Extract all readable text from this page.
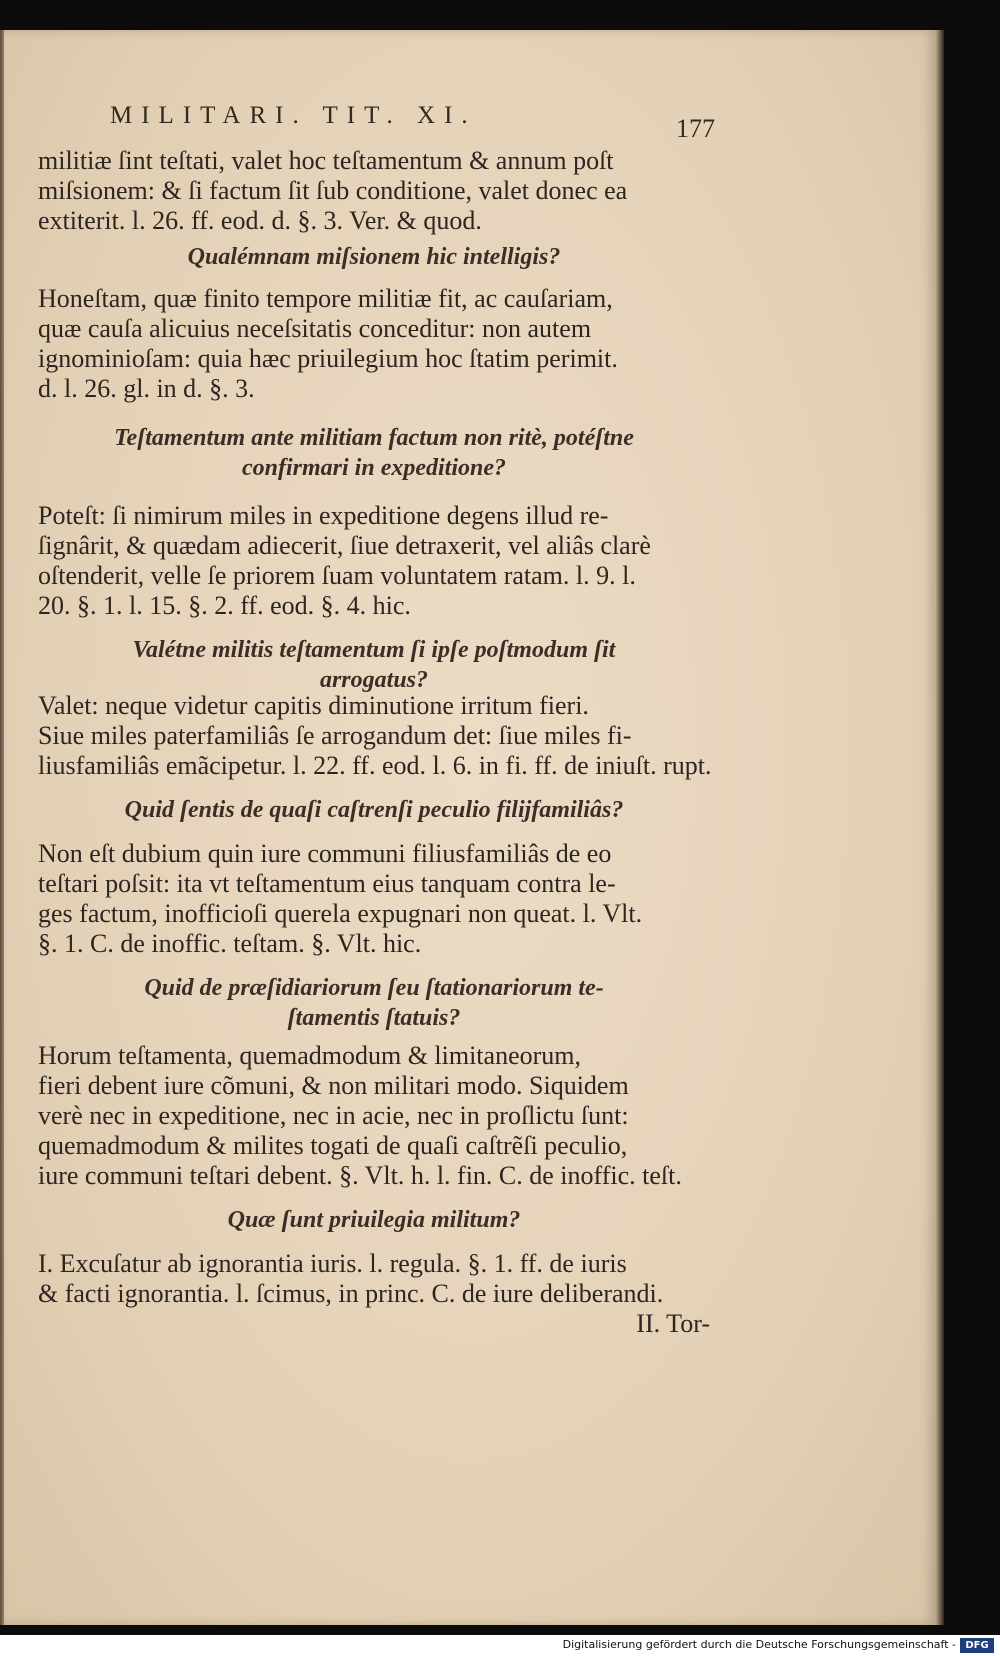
MILITARI. TIT. XI.	177
militiæ ſint teſtati, valet hoc teſtamentum & annum poſt
miſsionem: & ſi factum ſit ſub conditione, valet donec ea
extiterit. l. 26. ff. eod. d. §. 3. Ver. & quod.
Qualémnam miſsionem hic intelligis?
Honeſtam, quæ finito tempore militiæ fit, ac cauſariam,
quæ cauſa alicuius neceſsitatis conceditur: non autem
ignominioſam: quia hæc priuilegium hoc ſtatim perimit.
d. l. 26. gl. in d. §. 3.
Teſtamentum ante militiam factum non ritè, potéſtne
confirmari in expeditione?
Poteſt: ſi nimirum miles in expeditione degens illud re-
ſignârit, & quædam adiecerit, ſiue detraxerit, vel aliâs clarè
oſtenderit, velle ſe priorem ſuam voluntatem ratam. l. 9. l.
20. §. 1. l. 15. §. 2. ff. eod. §. 4. hic.
Valétne militis teſtamentum ſi ipſe poſtmodum ſit
arrogatus?
Valet: neque videtur capitis diminutione irritum fieri.
Siue miles paterfamiliâs ſe arrogandum det: ſiue miles fi-
liusfamiliâs emãcipetur. l. 22. ff. eod. l. 6. in fi. ff. de iniuſt. rupt.
Quid ſentis de quaſi caſtrenſi peculio filijfamiliâs?
Non eſt dubium quin iure communi filiusfamiliâs de eo
teſtari poſsit: ita vt teſtamentum eius tanquam contra le-
ges factum, inofficioſi querela expugnari non queat. l. Vlt.
§. 1. C. de inoffic. teſtam. §. Vlt. hic.
Quid de præſidiariorum ſeu ſtationariorum te-
ſtamentis ſtatuis?
Horum teſtamenta, quemadmodum & limitaneorum,
fieri debent iure cõmuni, & non militari modo. Siquidem
verè nec in expeditione, nec in acie, nec in proſlictu ſunt:
quemadmodum & milites togati de quaſi caſtrẽſi peculio,
iure communi teſtari debent. §. Vlt. h. l. fin. C. de inoffic. teſt.
Quæ ſunt priuilegia militum?
I. Excuſatur ab ignorantia iuris. l. regula. §. 1. ff. de iuris
& facti ignorantia. l. ſcimus, in princ. C. de iure deliberandi.
II. Tor-
Digitalisierung gefördert durch die Deutsche Forschungsgemeinschaft - DFG
